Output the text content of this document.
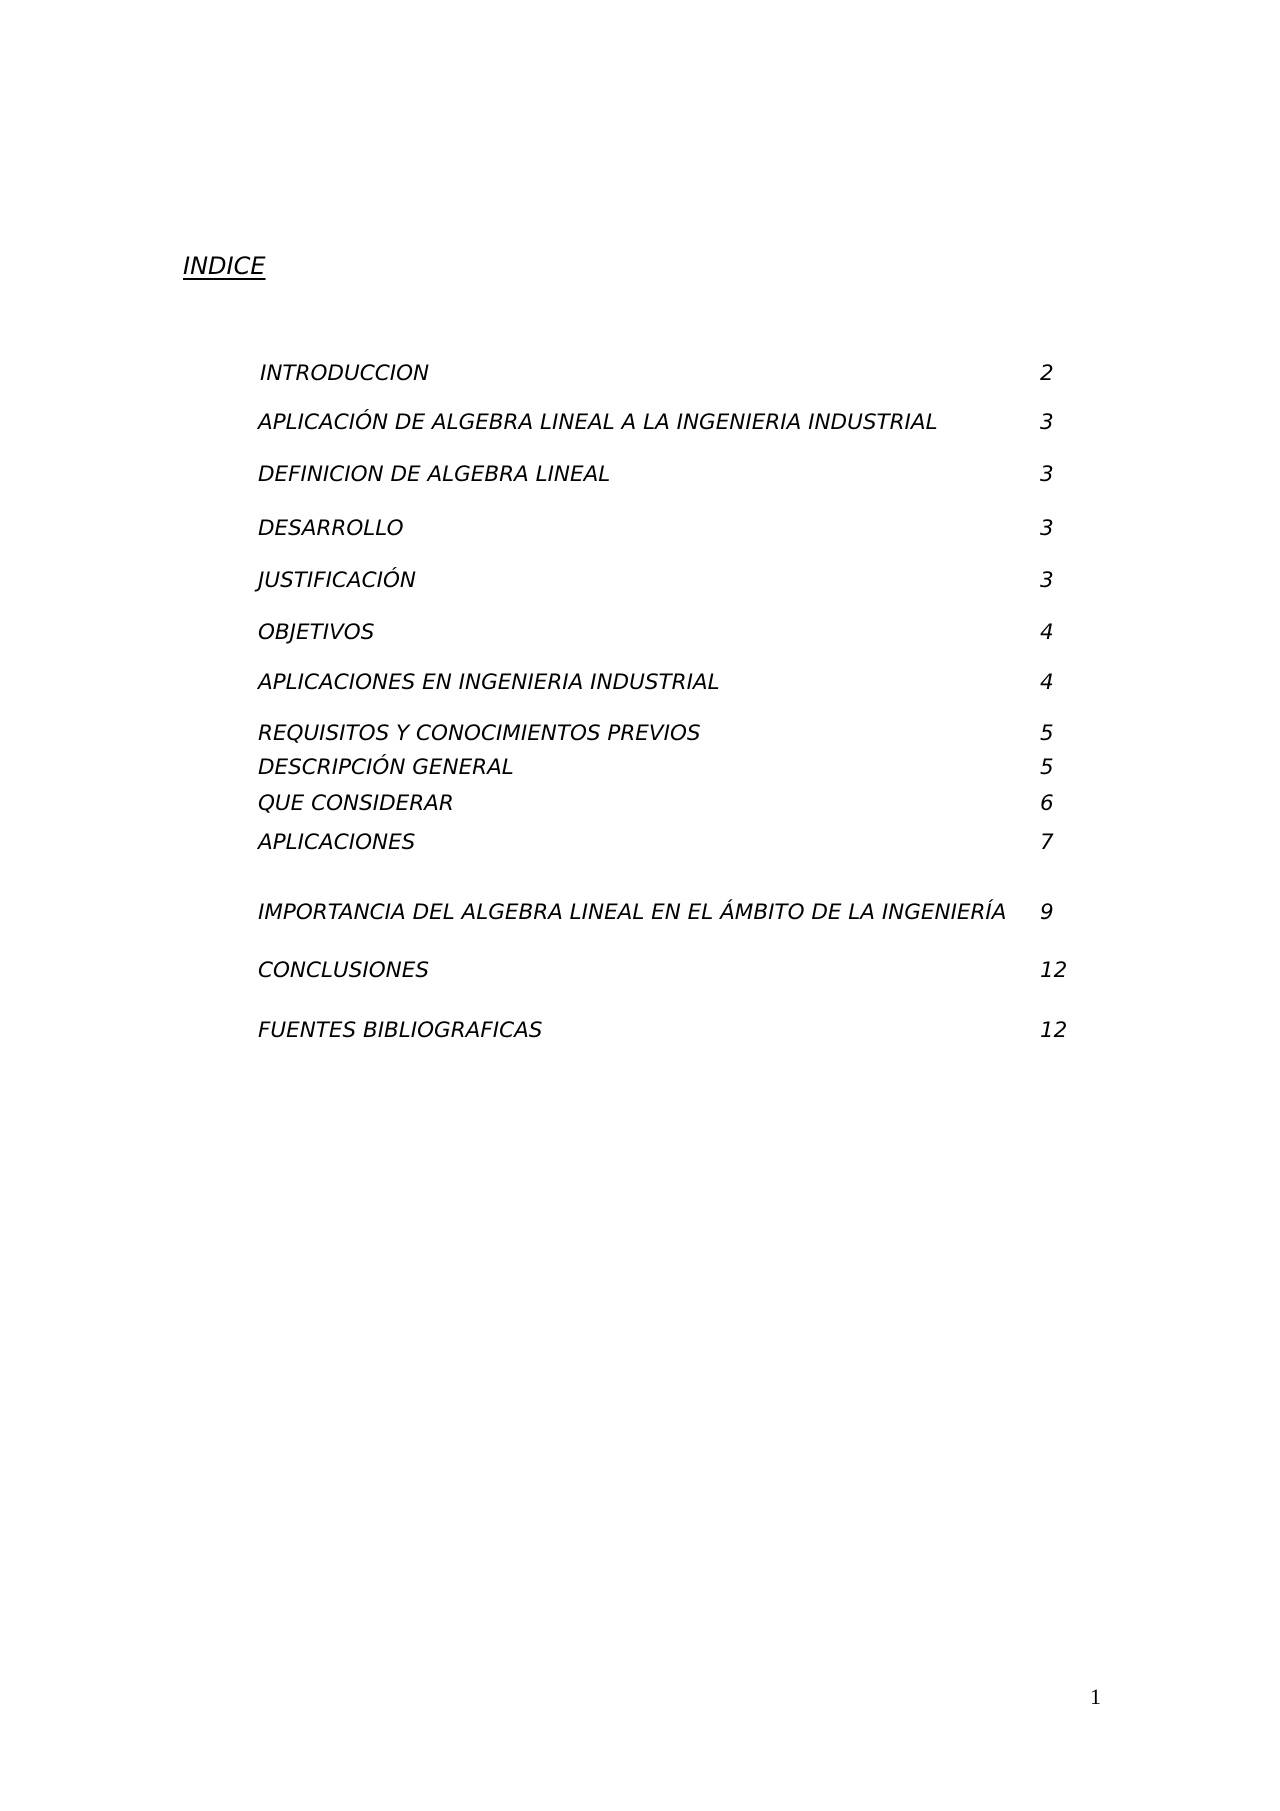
INDICE
INTRODUCCION	2
APLICACIÓN DE ALGEBRA LINEAL A LA INGENIERIA INDUSTRIAL	3
DEFINICION DE ALGEBRA LINEAL	3
DESARROLLO	3
JUSTIFICACIÓN	3
OBJETIVOS	4
APLICACIONES EN INGENIERIA INDUSTRIAL	4
REQUISITOS Y CONOCIMIENTOS PREVIOS	5
DESCRIPCIÓN GENERAL	5
QUE CONSIDERAR	6
APLICACIONES	7
IMPORTANCIA DEL ALGEBRA LINEAL EN EL ÁMBITO DE LA INGENIERÍA 9
CONCLUSIONES	12
FUENTES BIBLIOGRAFICAS	12
1
